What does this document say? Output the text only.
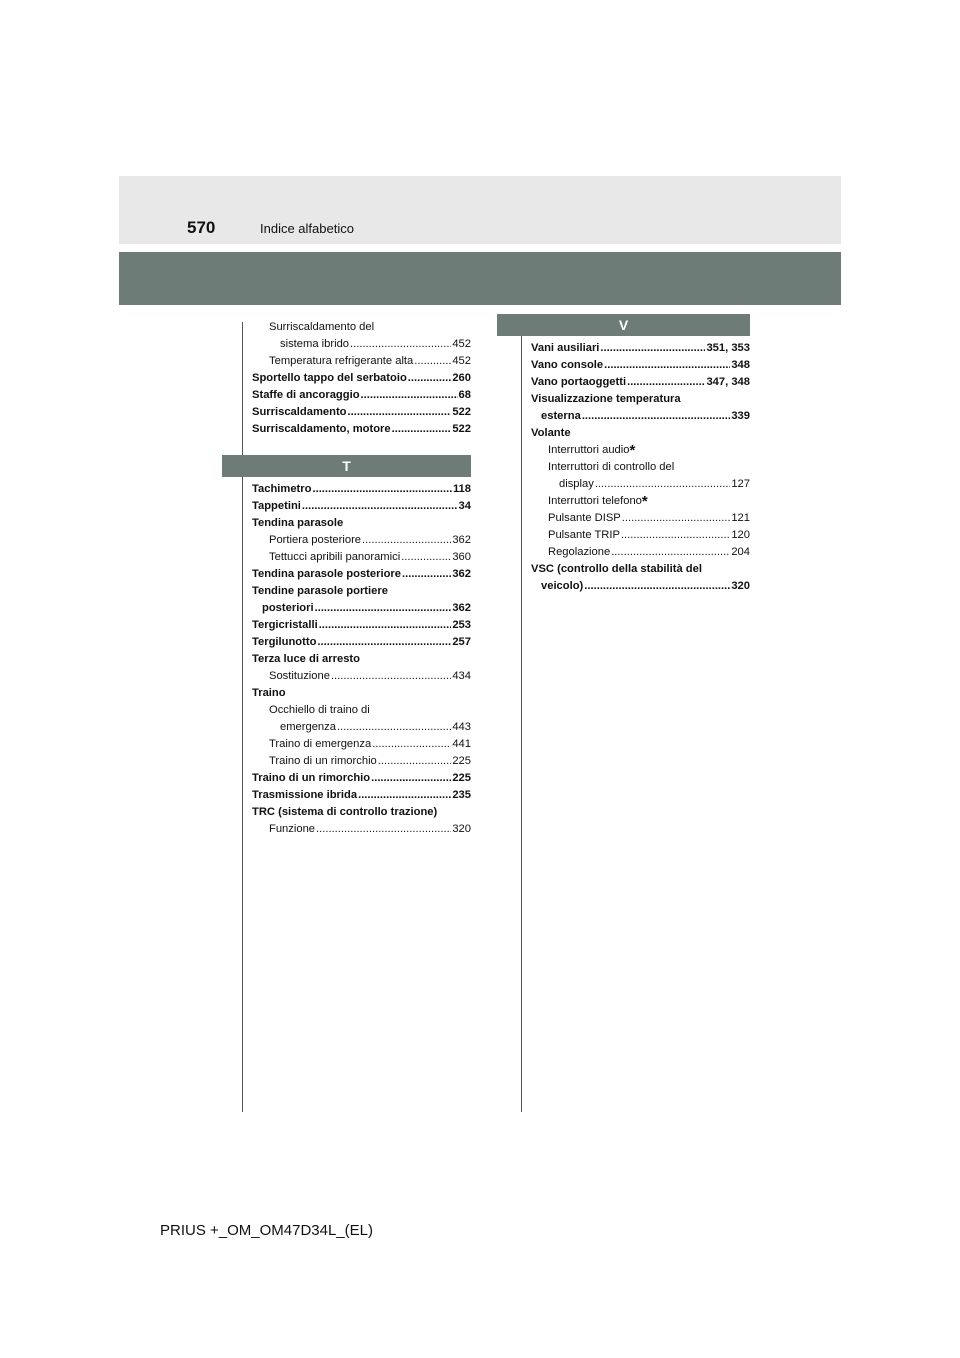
570	Indice alfabetico
Surriscaldamento del
sistema ibrido .....	452
Temperatura refrigerante alta .....	452
Sportello tappo del serbatoio .....	260
Staffe di ancoraggio .....	68
Surriscaldamento .....	522
Surriscaldamento, motore .....	522
T
Tachimetro .....	118
Tappetini .....	34
Tendina parasole
Portiera posteriore .....	362
Tettucci apribili panoramici .....	360
Tendina parasole posteriore .....	362
Tendine parasole portiere
posteriori .....	362
Tergicristalli .....	253
Tergilunotto .....	257
Terza luce di arresto
Sostituzione .....	434
Traino
Occhiello di traino di
emergenza .....	443
Traino di emergenza .....	441
Traino di un rimorchio .....	225
Traino di un rimorchio .....	225
Trasmissione ibrida .....	235
TRC (sistema di controllo trazione)
Funzione .....	320
V
Vani ausiliari .....	351, 353
Vano console .....	348
Vano portaoggetti .....	347, 348
Visualizzazione temperatura
esterna .....	339
Volante
Interruttori audio*
Interruttori di controllo del
display .....	127
Interruttori telefono*
Pulsante DISP .....	121
Pulsante TRIP .....	120
Regolazione .....	204
VSC (controllo della stabilità del
veicolo) .....	320
PRIUS +_OM_OM47D34L_(EL)
